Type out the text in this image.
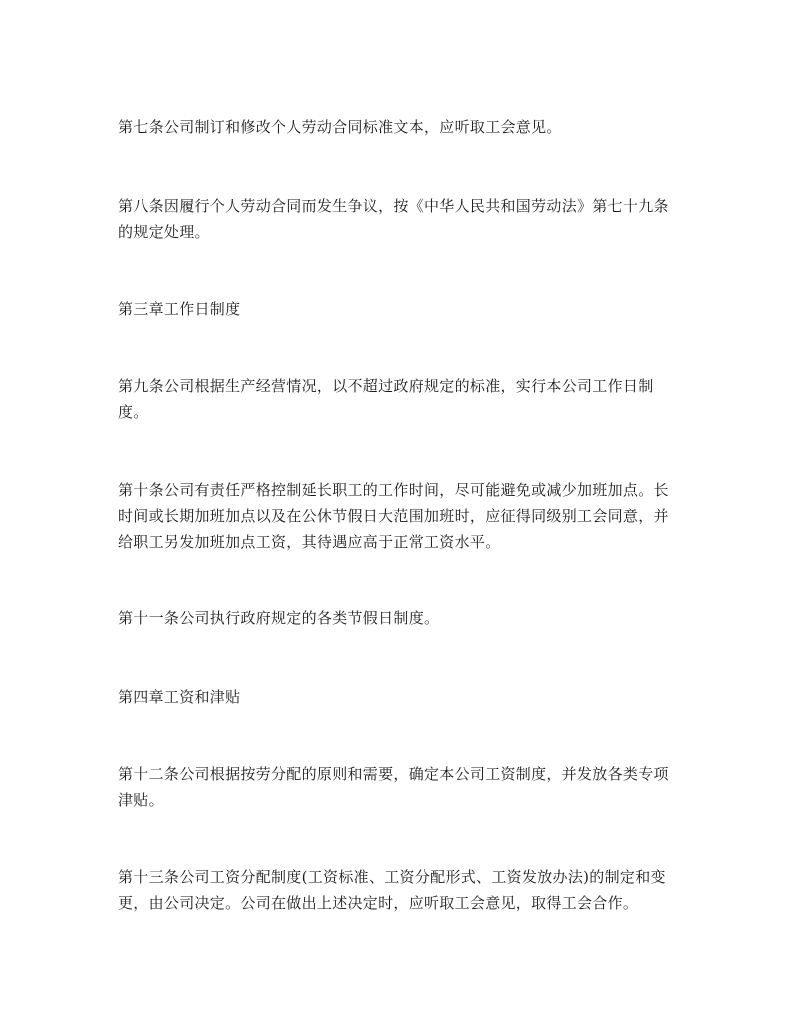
第七条公司制订和修改个人劳动合同标准文本，应听取工会意见。

第八条因履行个人劳动合同而发生争议，按《中华人民共和国劳动法》第七十九条的规定处理。

第三章工作日制度

第九条公司根据生产经营情况，以不超过政府规定的标准，实行本公司工作日制度。

第十条公司有责任严格控制延长职工的工作时间，尽可能避免或减少加班加点。长时间或长期加班加点以及在公休节假日大范围加班时，应征得同级别工会同意，并给职工另发加班加点工资，其待遇应高于正常工资水平。

第十一条公司执行政府规定的各类节假日制度。

第四章工资和津贴

第十二条公司根据按劳分配的原则和需要，确定本公司工资制度，并发放各类专项津贴。

第十三条公司工资分配制度(工资标准、工资分配形式、工资发放办法)的制定和变更，由公司决定。公司在做出上述决定时，应听取工会意见，取得工会合作。
